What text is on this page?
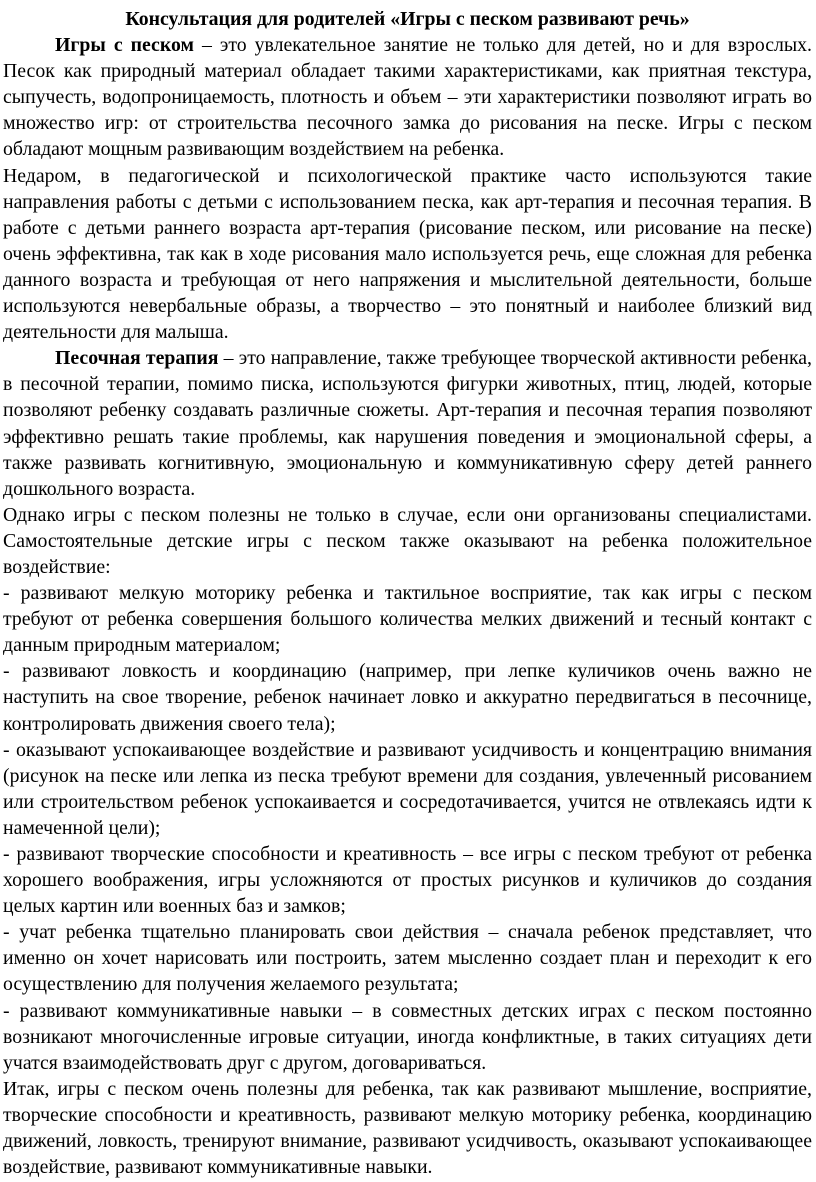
Консультация для родителей «Игры с песком развивают речь»

Игры с песком – это увлекательное занятие не только для детей, но и для взрослых. Песок как природный материал обладает такими характеристиками, как приятная текстура, сыпучесть, водопроницаемость, плотность и объем – эти характеристики позволяют играть во множество игр: от строительства песочного замка до рисования на песке. Игры с песком обладают мощным развивающим воздействием на ребенка.

Недаром, в педагогической и психологической практике часто используются такие направления работы с детьми с использованием песка, как арт-терапия и песочная терапия. В работе с детьми раннего возраста арт-терапия (рисование песком, или рисование на песке) очень эффективна, так как в ходе рисования мало используется речь, еще сложная для ребенка данного возраста и требующая от него напряжения и мыслительной деятельности, больше используются невербальные образы, а творчество – это понятный и наиболее близкий вид деятельности для малыша.

Песочная терапия – это направление, также требующее творческой активности ребенка, в песочной терапии, помимо писка, используются фигурки животных, птиц, людей, которые позволяют ребенку создавать различные сюжеты. Арт-терапия и песочная терапия позволяют эффективно решать такие проблемы, как нарушения поведения и эмоциональной сферы, а также развивать когнитивную, эмоциональную и коммуникативную сферу детей раннего дошкольного возраста.

Однако игры с песком полезны не только в случае, если они организованы специалистами. Самостоятельные детские игры с песком также оказывают на ребенка положительное воздействие:

- развивают мелкую моторику ребенка и тактильное восприятие, так как игры с песком требуют от ребенка совершения большого количества мелких движений и тесный контакт с данным природным материалом;

- развивают ловкость и координацию (например, при лепке куличиков очень важно не наступить на свое творение, ребенок начинает ловко и аккуратно передвигаться в песочнице, контролировать движения своего тела);

- оказывают успокаивающее воздействие и развивают усидчивость и концентрацию внимания (рисунок на песке или лепка из песка требуют времени для создания, увлеченный рисованием или строительством ребенок успокаивается и сосредотачивается, учится не отвлекаясь идти к намеченной цели);

- развивают творческие способности и креативность – все игры с песком требуют от ребенка хорошего воображения, игры усложняются от простых рисунков и куличиков до создания целых картин или военных баз и замков;

- учат ребенка тщательно планировать свои действия – сначала ребенок представляет, что именно он хочет нарисовать или построить, затем мысленно создает план и переходит к его осуществлению для получения желаемого результата;

- развивают коммуникативные навыки – в совместных детских играх с песком постоянно возникают многочисленные игровые ситуации, иногда конфликтные, в таких ситуациях дети учатся взаимодействовать друг с другом, договариваться.

Итак, игры с песком очень полезны для ребенка, так как развивают мышление, восприятие, творческие способности и креативность, развивают мелкую моторику ребенка, координацию движений, ловкость, тренируют внимание, развивают усидчивость, оказывают успокаивающее воздействие, развивают коммуникативные навыки.
